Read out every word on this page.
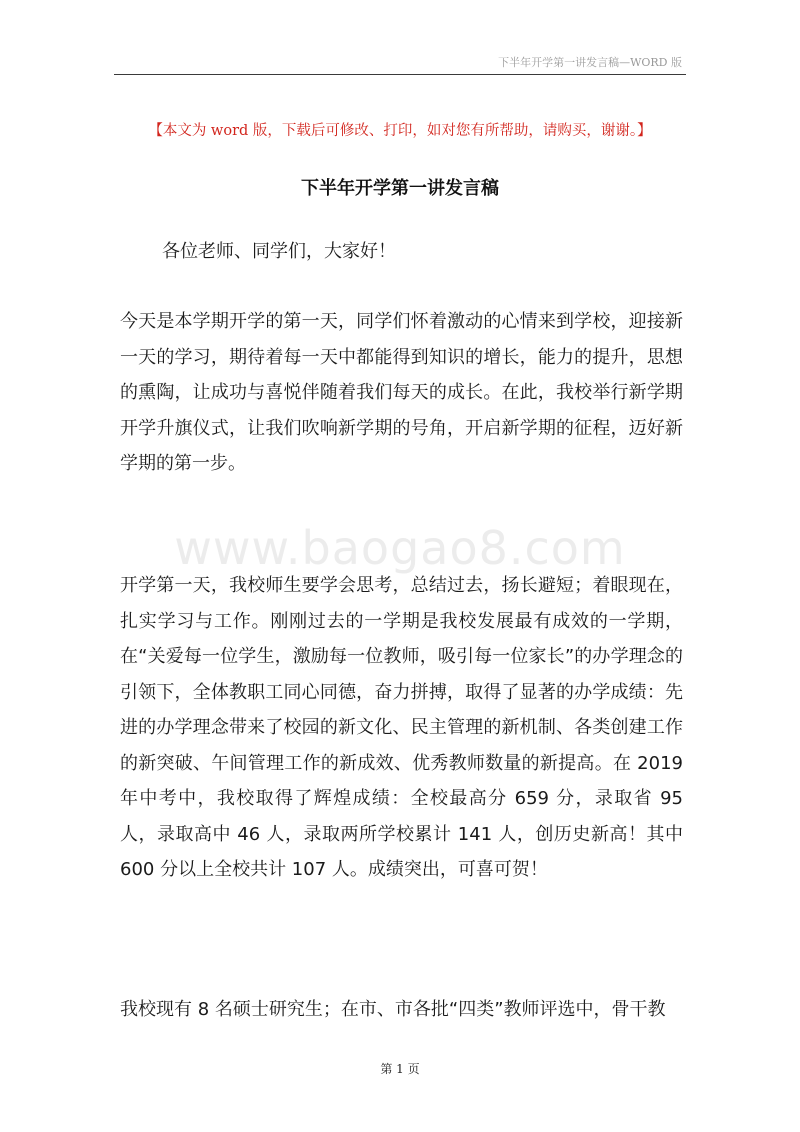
下半年开学第一讲发言稿—WORD 版
【本文为 word 版，下载后可修改、打印，如对您有所帮助，请购买，谢谢。】
下半年开学第一讲发言稿
各位老师、同学们，大家好！
今天是本学期开学的第一天，同学们怀着激动的心情来到学校，迎接新一天的学习，期待着每一天中都能得到知识的增长，能力的提升，思想的熏陶，让成功与喜悦伴随着我们每天的成长。在此，我校举行新学期开学升旗仪式，让我们吹响新学期的号角，开启新学期的征程，迈好新学期的第一步。
www.baogao8.com
开学第一天，我校师生要学会思考，总结过去，扬长避短；着眼现在，扎实学习与工作。刚刚过去的一学期是我校发展最有成效的一学期，在“关爱每一位学生，激励每一位教师，吸引每一位家长”的办学理念的引领下，全体教职工同心同德，奋力拼搏，取得了显著的办学成绩：先进的办学理念带来了校园的新文化、民主管理的新机制、各类创建工作的新突破、午间管理工作的新成效、优秀教师数量的新提高。在 2019 年中考中，我校取得了辉煌成绩：全校最高分 659 分，录取省 95 人，录取高中 46 人，录取两所学校累计 141 人，创历史新高！其中 600 分以上全校共计 107 人。成绩突出，可喜可贺！
我校现有 8 名硕士研究生；在市、市各批“四类”教师评选中，骨干教
第 1 页
